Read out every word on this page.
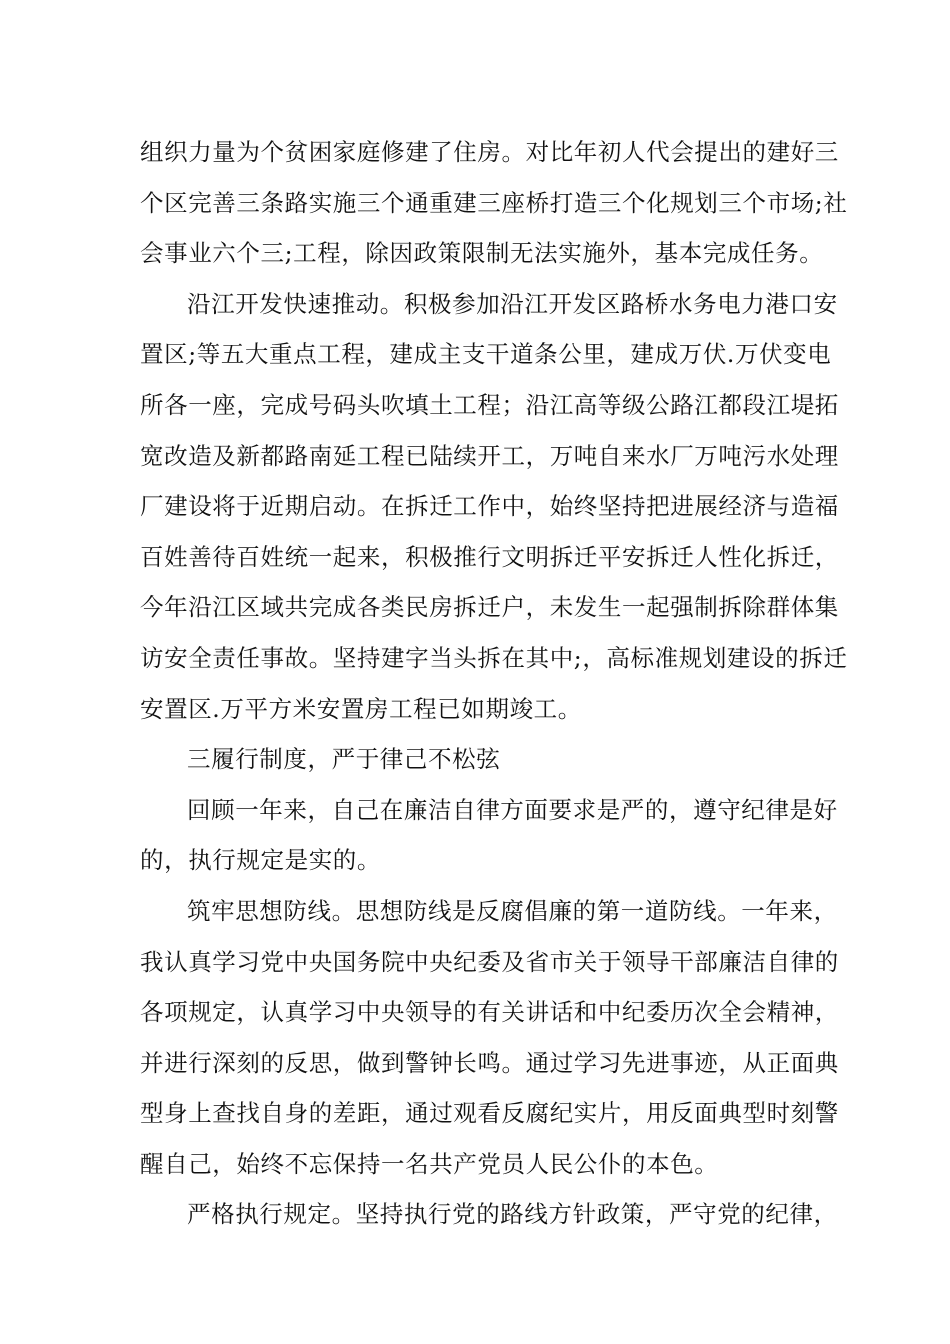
组织力量为个贫困家庭修建了住房。对比年初人代会提出的建好三
个区完善三条路实施三个通重建三座桥打造三个化规划三个市场;社
会事业六个三;工程，除因政策限制无法实施外，基本完成任务。
沿江开发快速推动。积极参加沿江开发区路桥水务电力港口安
置区;等五大重点工程，建成主支干道条公里，建成万伏.万伏变电
所各一座，完成号码头吹填土工程；沿江高等级公路江都段江堤拓
宽改造及新都路南延工程已陆续开工，万吨自来水厂万吨污水处理
厂建设将于近期启动。在拆迁工作中，始终坚持把进展经济与造福
百姓善待百姓统一起来，积极推行文明拆迁平安拆迁人性化拆迁，
今年沿江区域共完成各类民房拆迁户，未发生一起强制拆除群体集
访安全责任事故。坚持建字当头拆在其中;，高标准规划建设的拆迁
安置区.万平方米安置房工程已如期竣工。
三履行制度，严于律己不松弦
回顾一年来，自己在廉洁自律方面要求是严的，遵守纪律是好
的，执行规定是实的。
筑牢思想防线。思想防线是反腐倡廉的第一道防线。一年来，
我认真学习党中央国务院中央纪委及省市关于领导干部廉洁自律的
各项规定，认真学习中央领导的有关讲话和中纪委历次全会精神，
并进行深刻的反思，做到警钟长鸣。通过学习先进事迹，从正面典
型身上查找自身的差距，通过观看反腐纪实片，用反面典型时刻警
醒自己，始终不忘保持一名共产党员人民公仆的本色。
严格执行规定。坚持执行党的路线方针政策，严守党的纪律，
